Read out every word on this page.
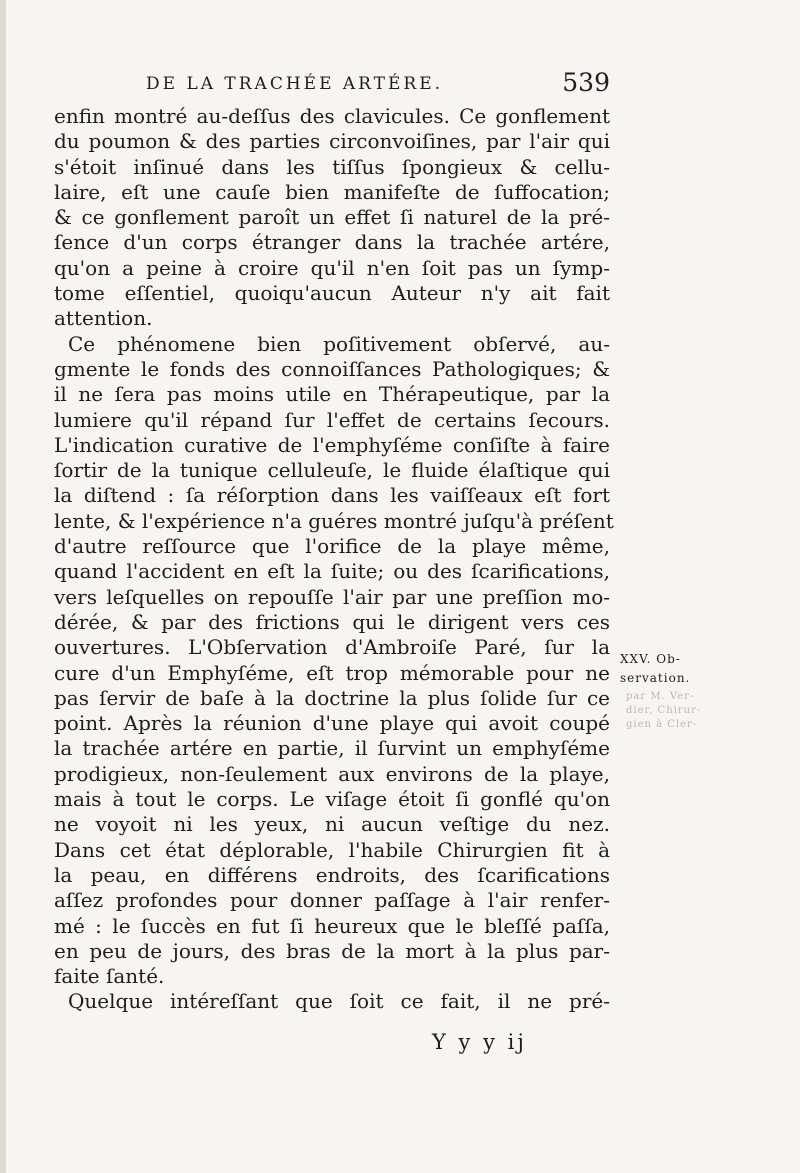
DE LA TRACHÉE ARTÉRE.	539
enfin montré au-deſſus des clavicules. Ce gonflement
du poumon & des parties circonvoiſines, par l'air qui
s'étoit inſinué dans les tiſſus ſpongieux & cellu-
laire, eſt une cauſe bien manifeſte de ſuffocation;
& ce gonflement paroît un effet ſi naturel de la pré-
ſence d'un corps étranger dans la trachée artére,
qu'on a peine à croire qu'il n'en ſoit pas un ſymp-
tome eſſentiel, quoiqu'aucun Auteur n'y ait fait
attention.
Ce phénomene bien poſitivement obſervé, au-
gmente le fonds des connoiſſances Pathologiques; &
il ne ſera pas moins utile en Thérapeutique, par la
lumiere qu'il répand ſur l'effet de certains ſecours.
L'indication curative de l'emphyſéme conſiſte à faire
ſortir de la tunique celluleuſe, le fluide élaſtique qui
la diſtend : ſa réſorption dans les vaiſſeaux eſt fort
lente, & l'expérience n'a guéres montré juſqu'à préſent
d'autre reſſource que l'orifice de la playe même,
quand l'accident en eſt la ſuite; ou des ſcarifications,
vers leſquelles on repouſſe l'air par une preſſion mo-
dérée, & par des frictions qui le dirigent vers ces
ouvertures. L'Obſervation d'Ambroiſe Paré, ſur la
cure d'un Emphyſéme, eſt trop mémorable pour ne
pas ſervir de baſe à la doctrine la plus ſolide ſur ce
point. Après la réunion d'une playe qui avoit coupé
la trachée artére en partie, il ſurvint un emphyſéme
prodigieux, non-ſeulement aux environs de la playe,
mais à tout le corps. Le viſage étoit ſi gonflé qu'on
ne voyoit ni les yeux, ni aucun veſtige du nez.
Dans cet état déplorable, l'habile Chirurgien fit à
la peau, en différens endroits, des ſcarifications
aſſez profondes pour donner paſſage à l'air renfer-
mé : le ſuccès en fut ſi heureux que le bleſſé paſſa,
en peu de jours, des bras de la mort à la plus par-
faite ſanté.
Quelque intéreſſant que ſoit ce fait, il ne pré-
XXV. Ob-
servation.
par M. Ver-
dier, Chirur-
gien à Cler-
Y y y ij
